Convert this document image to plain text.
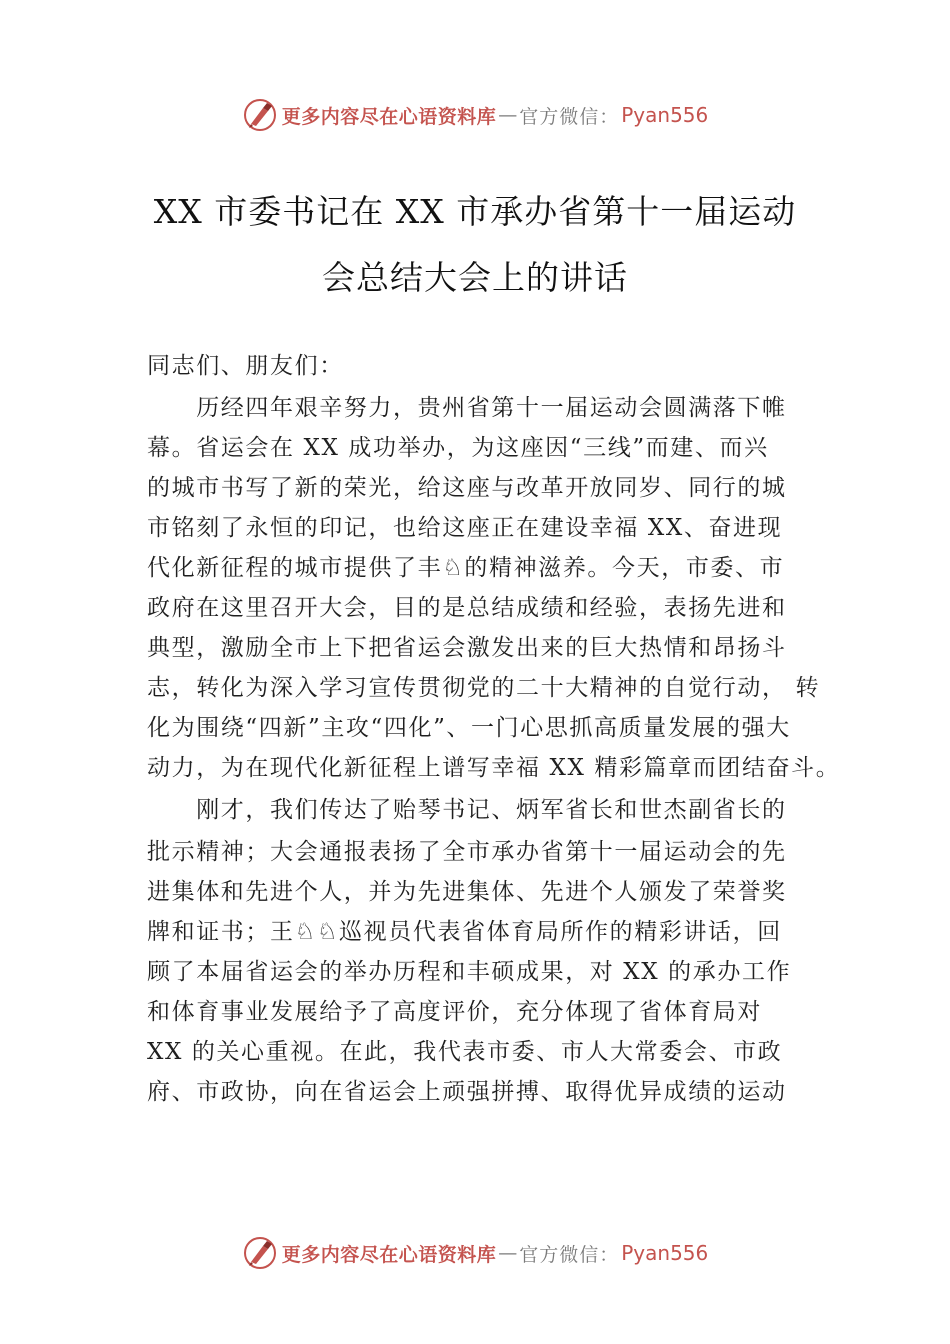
更多内容尽在心语资料库 — 官方微信： Pyan556
XX 市委书记在 XX 市承办省第十一届运动
会总结大会上的讲话
同志们、朋友们：
　　历经四年艰辛努力，贵州省第十一届运动会圆满落下帷
幕。省运会在 XX 成功举办，为这座因“三线”而建、而兴
的城市书写了新的荣光，给这座与改革开放同岁、同行的城
市铭刻了永恒的印记，也给这座正在建设幸福 XX、奋进现
代化新征程的城市提供了丰♘的精神滋养。今天，市委、市
政府在这里召开大会，目的是总结成绩和经验，表扬先进和
典型，激励全市上下把省运会激发出来的巨大热情和昂扬斗
志，转化为深入学习宣传贯彻党的二十大精神的自觉行动， 转
化为围绕“四新”主攻“四化”、一门心思抓高质量发展的强大
动力，为在现代化新征程上谱写幸福 XX 精彩篇章而团结奋斗。
　　刚才，我们传达了贻琴书记、炳军省长和世杰副省长的
批示精神；大会通报表扬了全市承办省第十一届运动会的先
进集体和先进个人，并为先进集体、先进个人颁发了荣誉奖
牌和证书；王♘♘巡视员代表省体育局所作的精彩讲话，回
顾了本届省运会的举办历程和丰硕成果，对 XX 的承办工作
和体育事业发展给予了高度评价，充分体现了省体育局对
XX 的关心重视。在此，我代表市委、市人大常委会、市政
府、市政协，向在省运会上顽强拼搏、取得优异成绩的运动
更多内容尽在心语资料库 — 官方微信： Pyan556
